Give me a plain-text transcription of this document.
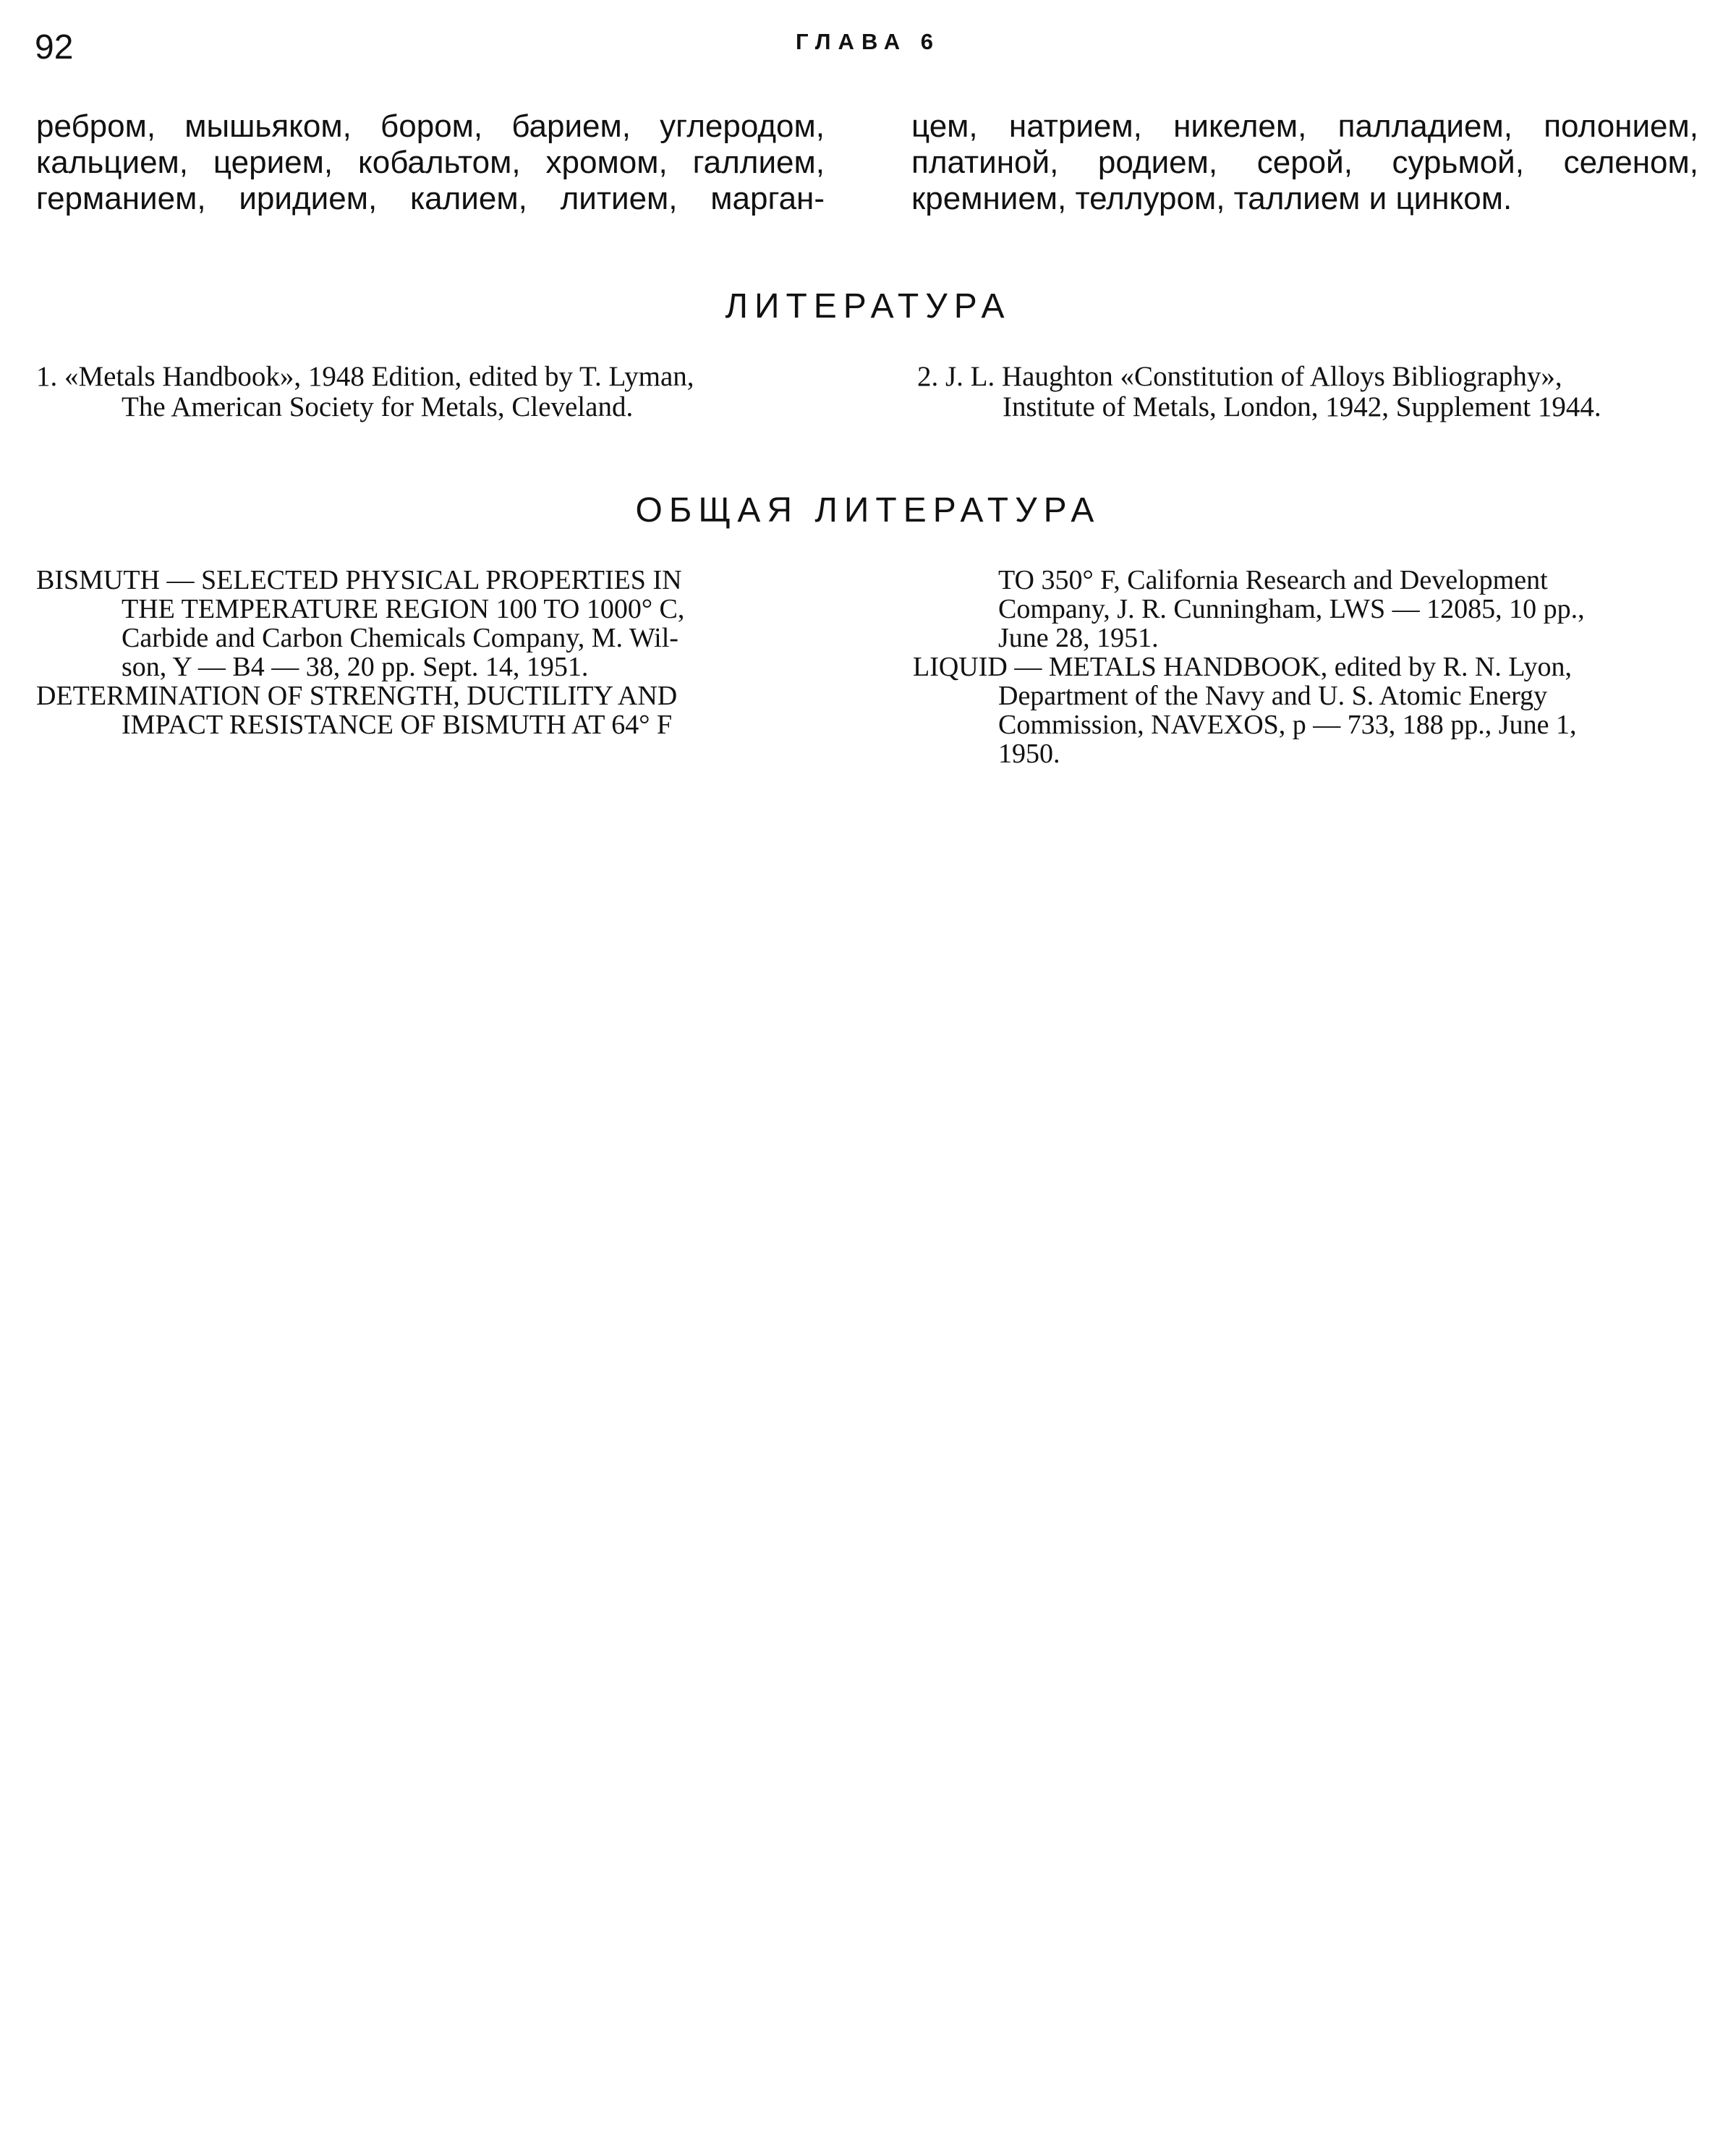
92	ГЛАВА 6
ребром, мышьяком, бором, барием, углеродом,
кальцием, церием, кобальтом, хромом, галлием,
германием, иридием, калием, литием, марган-
цем, натрием, никелем, палладием, полонием,
платиной, родием, серой, сурьмой, селеном,
кремнием, теллуром, таллием и цинком.
ЛИТЕРАТУРА
1. «Metals Handbook», 1948 Edition, edited by T. Lyman,
The American Society for Metals, Cleveland.
2. J. L. Haughton «Constitution of Alloys Bibliography»,
Institute of Metals, London, 1942, Supplement 1944.
ОБЩАЯ ЛИТЕРАТУРА
BISMUTH — SELECTED PHYSICAL PROPERTIES IN
THE TEMPERATURE REGION 100 TO 1000° C,
Carbide and Carbon Chemicals Company, M. Wil-
son, Y — B4 — 38, 20 pp. Sept. 14, 1951.
DETERMINATION OF STRENGTH, DUCTILITY AND
IMPACT RESISTANCE OF BISMUTH AT 64° F
TO 350° F, California Research and Development
Company, J. R. Cunningham, LWS — 12085, 10 pp.,
June 28, 1951.
LIQUID — METALS HANDBOOK, edited by R. N. Lyon,
Department of the Navy and U. S. Atomic Energy
Commission, NAVEXOS, p — 733, 188 pp., June 1,
1950.
